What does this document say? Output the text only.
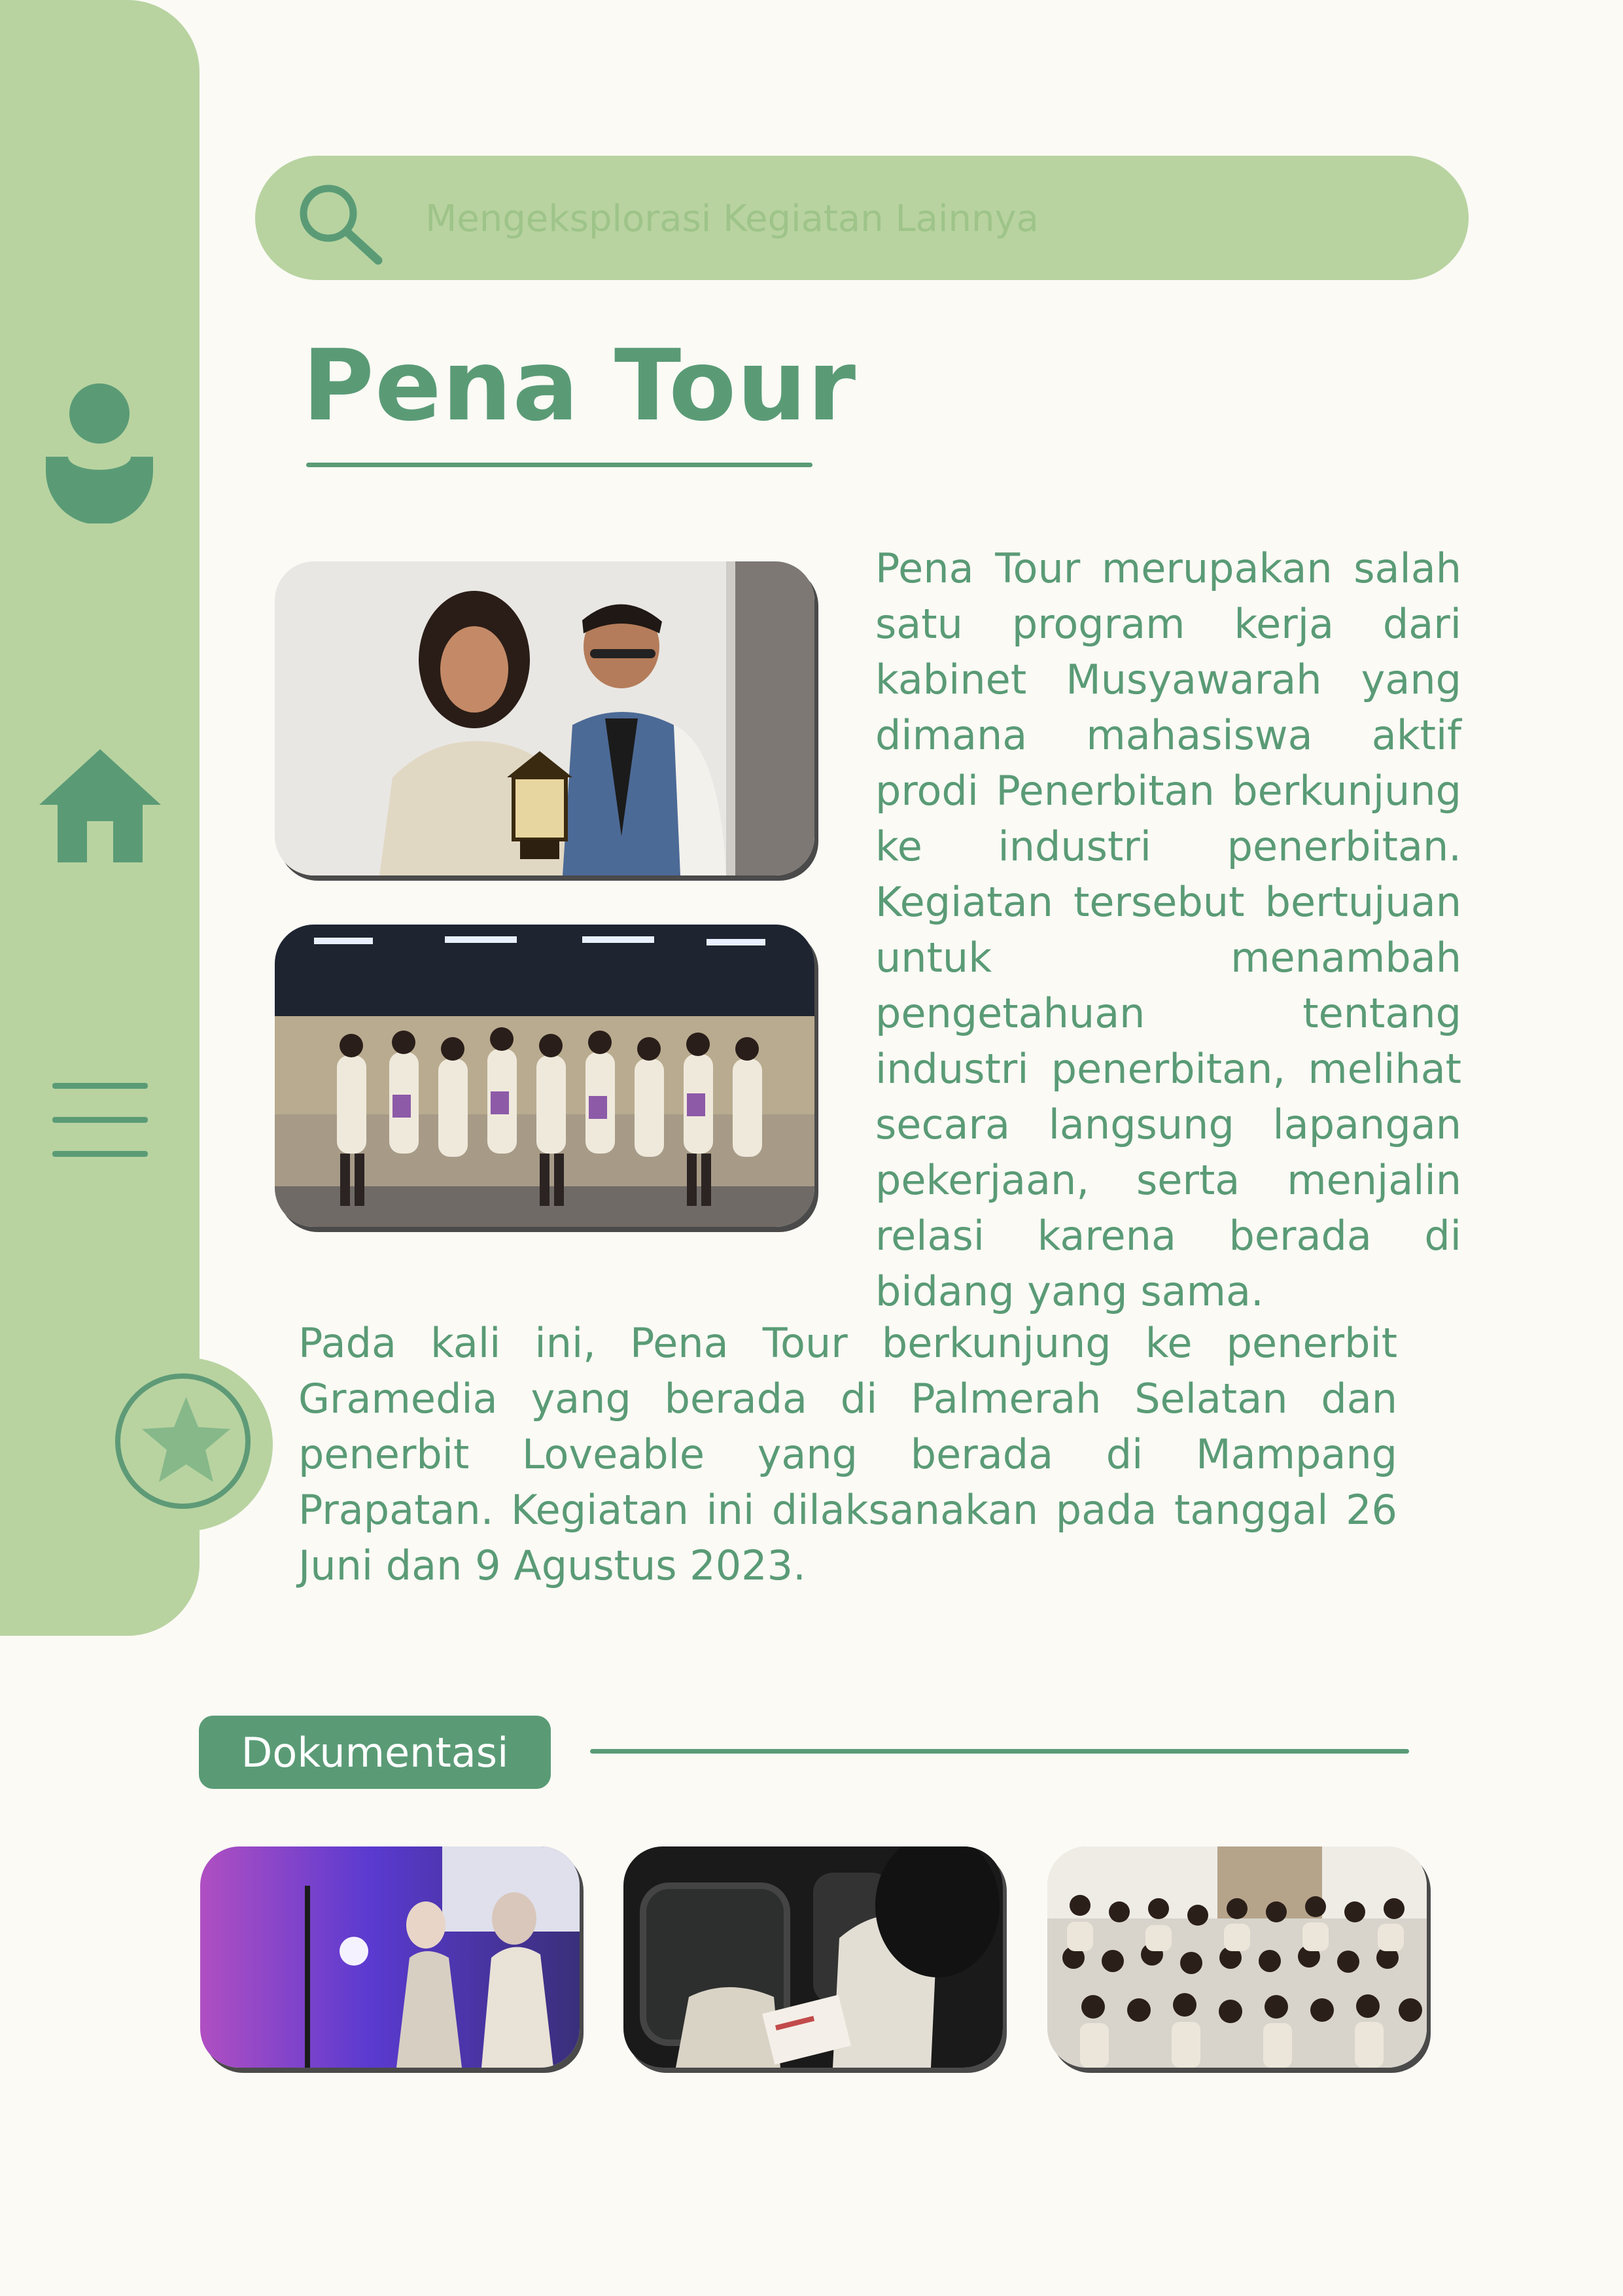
Mengeksplorasi Kegiatan Lainnya
Pena Tour

Pena Tour merupakan salah satu program kerja dari kabinet Musyawarah yang dimana mahasiswa aktif prodi Penerbitan berkunjung ke industri penerbitan. Kegiatan tersebut bertujuan untuk menambah pengetahuan tentang industri penerbitan, melihat secara langsung lapangan pekerjaan, serta menjalin relasi karena berada di bidang yang sama.

Pada kali ini, Pena Tour berkunjung ke penerbit Gramedia yang berada di Palmerah Selatan dan penerbit Loveable yang berada di Mampang Prapatan. Kegiatan ini dilaksanakan pada tanggal 26 Juni dan 9 Agustus 2023.

Dokumentasi
